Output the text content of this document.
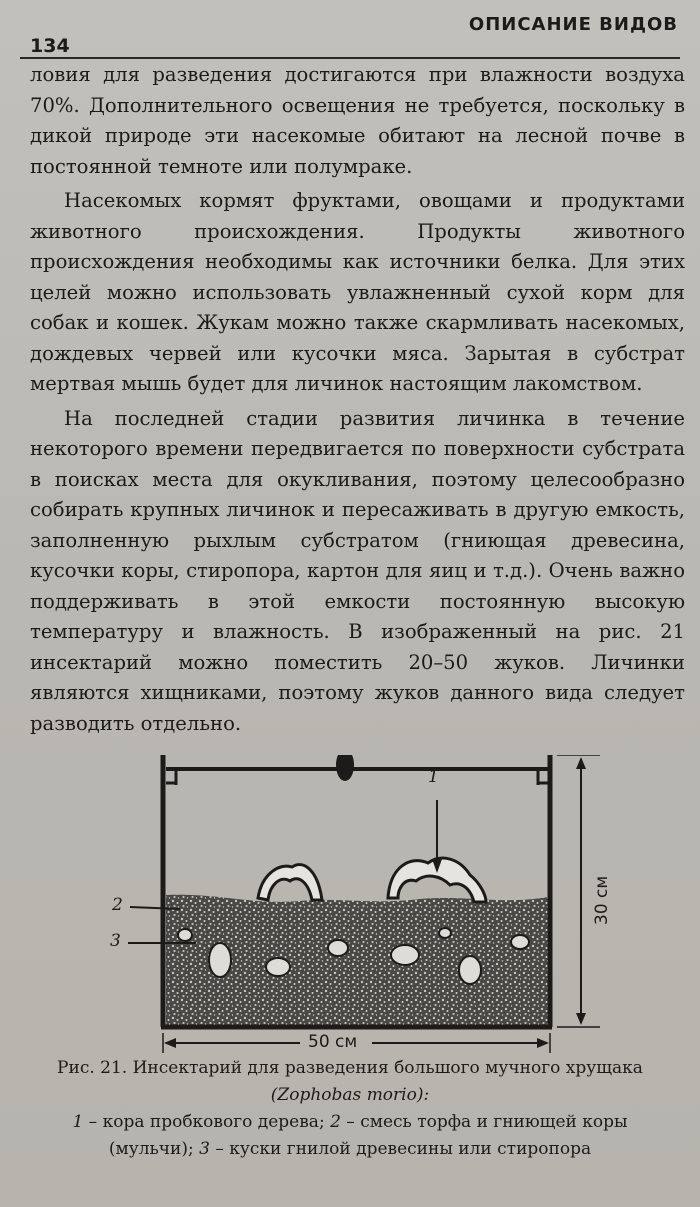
134
ОПИСАНИЕ ВИДОВ

ловия для разведения достигаются при влажности воздуха 70%. Дополнительного освещения не требуется, поскольку в дикой природе эти насекомые обитают на лесной почве в постоянной темноте или полумраке.

Насекомых кормят фруктами, овощами и продуктами животного происхождения. Продукты животного происхождения необходимы как источники белка. Для этих целей можно использовать увлажненный сухой корм для собак и кошек. Жукам можно также скармливать насекомых, дождевых червей или кусочки мяса. Зарытая в субстрат мертвая мышь будет для личинок настоящим лакомством.

На последней стадии развития личинка в течение некоторого времени передвигается по поверхности субстрата в поисках места для окукливания, поэтому целесообразно собирать крупных личинок и пересаживать в другую емкость, заполненную рыхлым субстратом (гниющая древесина, кусочки коры, стиропора, картон для яиц и т.д.). Очень важно поддерживать в этой емкости постоянную высокую температуру и влажность. В изображенный на рис. 21 инсектарий можно поместить 20–50 жуков. Личинки являются хищниками, поэтому жуков данного вида следует разводить отдельно.

1
2
3
30 см
50 см
Рис. 21. Инсектарий для разведения большого мучного хрущака
(Zophobas morio):
1 – кора пробкового дерева; 2 – смесь торфа и гниющей коры
(мульчи); 3 – куски гнилой древесины или стиропора
